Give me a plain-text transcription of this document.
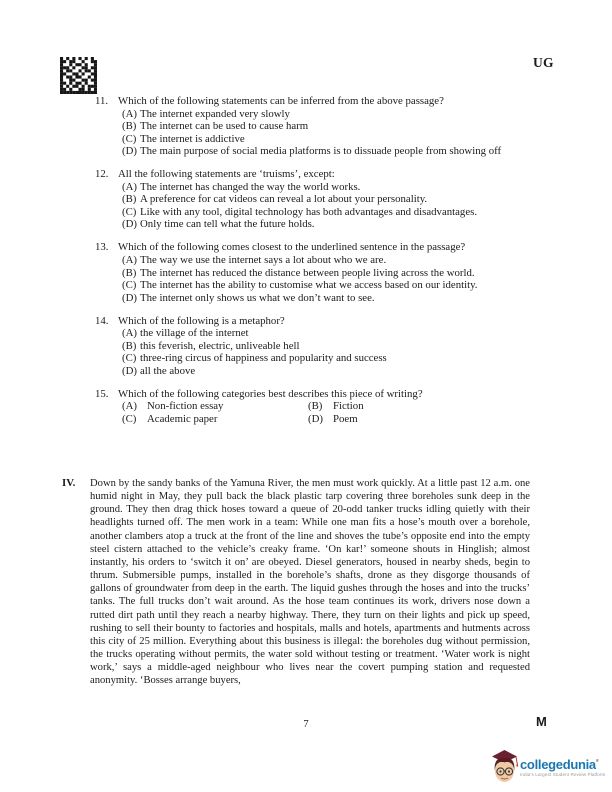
UG
11. Which of the following statements can be inferred from the above passage?
(A) The internet expanded very slowly
(B) The internet can be used to cause harm
(C) The internet is addictive
(D) The main purpose of social media platforms is to dissuade people from showing off
12. All the following statements are ‘truisms’, except:
(A) The internet has changed the way the world works.
(B) A preference for cat videos can reveal a lot about your personality.
(C) Like with any tool, digital technology has both advantages and disadvantages.
(D) Only time can tell what the future holds.
13. Which of the following comes closest to the underlined sentence in the passage?
(A) The way we use the internet says a lot about who we are.
(B) The internet has reduced the distance between people living across the world.
(C) The internet has the ability to customise what we access based on our identity.
(D) The internet only shows us what we don’t want to see.
14. Which of the following is a metaphor?
(A) the village of the internet
(B) this feverish, electric, unliveable hell
(C) three-ring circus of happiness and popularity and success
(D) all the above
15. Which of the following categories best describes this piece of writing?
(A) Non-fiction essay	(B) Fiction
(C) Academic paper	(D) Poem
IV.	Down by the sandy banks of the Yamuna River, the men must work quickly. At a little past 12 a.m. one humid night in May, they pull back the black plastic tarp covering three boreholes sunk deep in the ground. They then drag thick hoses toward a queue of 20-odd tanker trucks idling quietly with their headlights turned off. The men work in a team: While one man fits a hose’s mouth over a borehole, another clambers atop a truck at the front of the line and shoves the tube’s opposite end into the empty steel cistern attached to the vehicle’s creaky frame. ‘On kar!’ someone shouts in Hinglish; almost instantly, his orders to ‘switch it on’ are obeyed. Diesel generators, housed in nearby sheds, begin to thrum. Submersible pumps, installed in the borehole’s shafts, drone as they disgorge thousands of gallons of groundwater from deep in the earth. The liquid gushes through the hoses and into the trucks’ tanks. The full trucks don’t wait around. As the hose team continues its work, drivers nose down a rutted dirt path until they reach a nearby highway. There, they turn on their lights and pick up speed, rushing to sell their bounty to factories and hospitals, malls and hotels, apartments and hutments across this city of 25 million. Everything about this business is illegal: the boreholes dug without permission, the trucks operating without permits, the water sold without testing or treatment. ‘Water work is night work,’ says a middle-aged neighbour who lives near the covert pumping station and requested anonymity. ‘Bosses arrange buyers,
7	M
collegedunia ®
India's Largest Student Review Platform
